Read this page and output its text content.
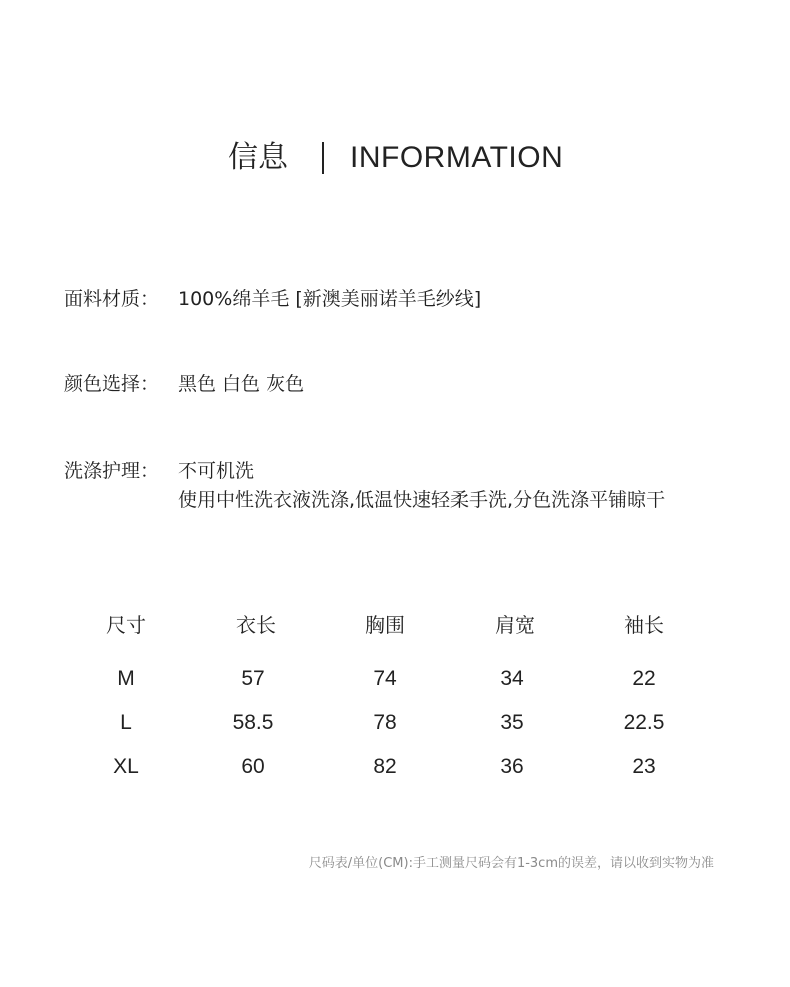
信息 INFORMATION
面料材质： 100%绵羊毛 [新澳美丽诺羊毛纱线]
颜色选择： 黑色 白色 灰色
洗涤护理： 不可机洗
使用中性洗衣液洗涤,低温快速轻柔手洗,分色洗涤平铺晾干
尺寸	衣长	胸围	肩宽	袖长
M	57	74	34	22
L	58.5	78	35	22.5
XL	60	82	36	23
尺码表/单位(CM):手工测量尺码会有1-3cm的误差，请以收到实物为准
